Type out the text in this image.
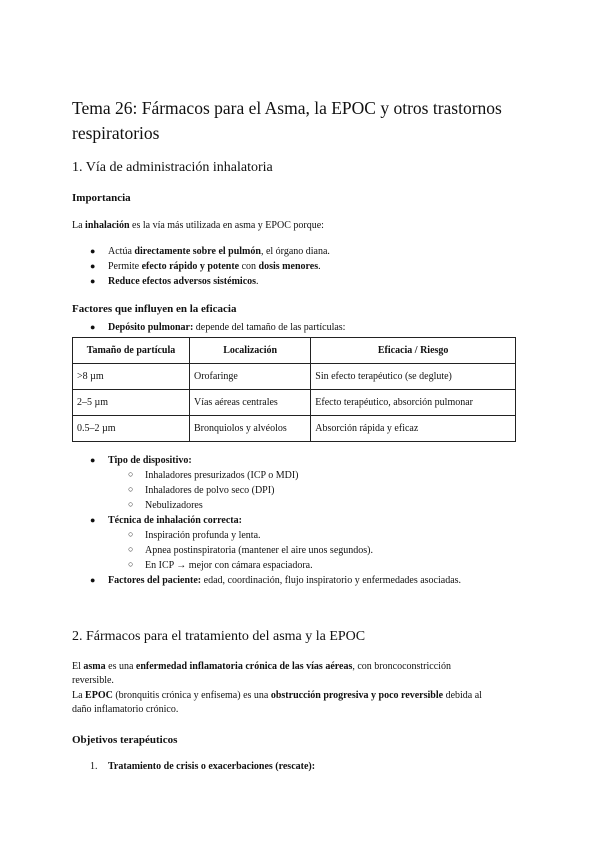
Tema 26: Fármacos para el Asma, la EPOC y otros trastornos
respiratorios
1. Vía de administración inhalatoria
Importancia
La inhalación es la vía más utilizada en asma y EPOC porque:
● Actúa directamente sobre el pulmón, el órgano diana.
● Permite efecto rápido y potente con dosis menores.
● Reduce efectos adversos sistémicos.
Factores que influyen en la eficacia
● Depósito pulmonar: depende del tamaño de las partículas:
Tamaño de partícula	Localización	Eficacia / Riesgo
>8 µm	Orofaringe	Sin efecto terapéutico (se deglute)
2–5 µm	Vías aéreas centrales	Efecto terapéutico, absorción pulmonar
0.5–2 µm	Bronquiolos y alvéolos	Absorción rápida y eficaz
● Tipo de dispositivo:
○ Inhaladores presurizados (ICP o MDI)
○ Inhaladores de polvo seco (DPI)
○ Nebulizadores
● Técnica de inhalación correcta:
○ Inspiración profunda y lenta.
○ Apnea postinspiratoria (mantener el aire unos segundos).
○ En ICP → mejor con cámara espaciadora.
● Factores del paciente: edad, coordinación, flujo inspiratorio y enfermedades asociadas.
2. Fármacos para el tratamiento del asma y la EPOC
El asma es una enfermedad inflamatoria crónica de las vías aéreas, con broncoconstricción
reversible.
La EPOC (bronquitis crónica y enfisema) es una obstrucción progresiva y poco reversible debida al
daño inflamatorio crónico.
Objetivos terapéuticos
1. Tratamiento de crisis o exacerbaciones (rescate):
